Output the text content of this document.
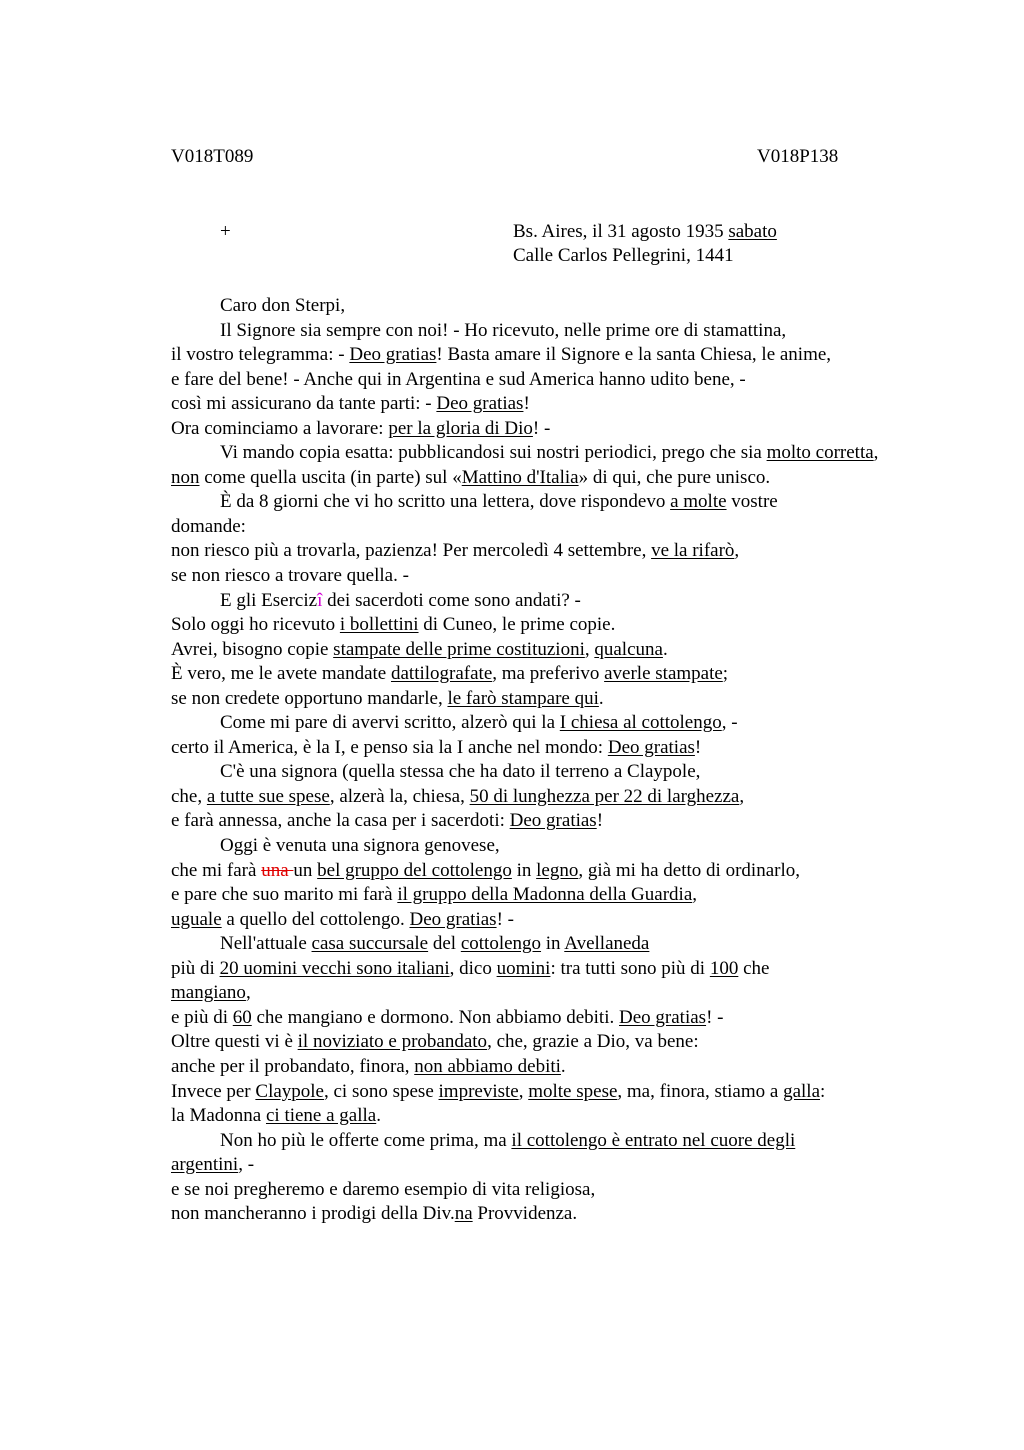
V018T089	V018P138
+	Bs. Aires, il 31 agosto 1935 sabato
Calle Carlos Pellegrini, 1441
Caro don Sterpi,
Il Signore sia sempre con noi! - Ho ricevuto, nelle prime ore di stamattina,
il vostro telegramma: - Deo gratias! Basta amare il Signore e la santa Chiesa, le anime,
e fare del bene! - Anche qui in Argentina e sud America hanno udito bene, -
così mi assicurano da tante parti: - Deo gratias!
Ora cominciamo a lavorare: per la gloria di Dio! -
Vi mando copia esatta: pubblicandosi sui nostri periodici, prego che sia molto corretta,
non come quella uscita (in parte) sul «Mattino d'Italia» di qui, che pure unisco.
È da 8 giorni che vi ho scritto una lettera, dove rispondevo a molte vostre
domande:
non riesco più a trovarla, pazienza! Per mercoledì 4 settembre, ve la rifarò,
se non riesco a trovare quella. -
E gli Esercizî dei sacerdoti come sono andati? -
Solo oggi ho ricevuto i bollettini di Cuneo, le prime copie.
Avrei, bisogno copie stampate delle prime costituzioni, qualcuna.
È vero, me le avete mandate dattilografate, ma preferivo averle stampate;
se non credete opportuno mandarle, le farò stampare qui.
Come mi pare di avervi scritto, alzerò qui la I chiesa al cottolengo, -
certo il America, è la I, e penso sia la I anche nel mondo: Deo gratias!
C'è una signora (quella stessa che ha dato il terreno a Claypole,
che, a tutte sue spese, alzerà la, chiesa, 50 di lunghezza per 22 di larghezza,
e farà annessa, anche la casa per i sacerdoti: Deo gratias!
Oggi è venuta una signora genovese,
che mi farà una un bel gruppo del cottolengo in legno, già mi ha detto di ordinarlo,
e pare che suo marito mi farà il gruppo della Madonna della Guardia,
uguale a quello del cottolengo. Deo gratias! -
Nell'attuale casa succursale del cottolengo in Avellaneda
più di 20 uomini vecchi sono italiani, dico uomini: tra tutti sono più di 100 che
mangiano,
e più di 60 che mangiano e dormono. Non abbiamo debiti. Deo gratias! -
Oltre questi vi è il noviziato e probandato, che, grazie a Dio, va bene:
anche per il probandato, finora, non abbiamo debiti.
Invece per Claypole, ci sono spese impreviste, molte spese, ma, finora, stiamo a galla:
la Madonna ci tiene a galla.
Non ho più le offerte come prima, ma il cottolengo è entrato nel cuore degli
argentini, -
e se noi pregheremo e daremo esempio di vita religiosa,
non mancheranno i prodigi della Div.na Provvidenza.
